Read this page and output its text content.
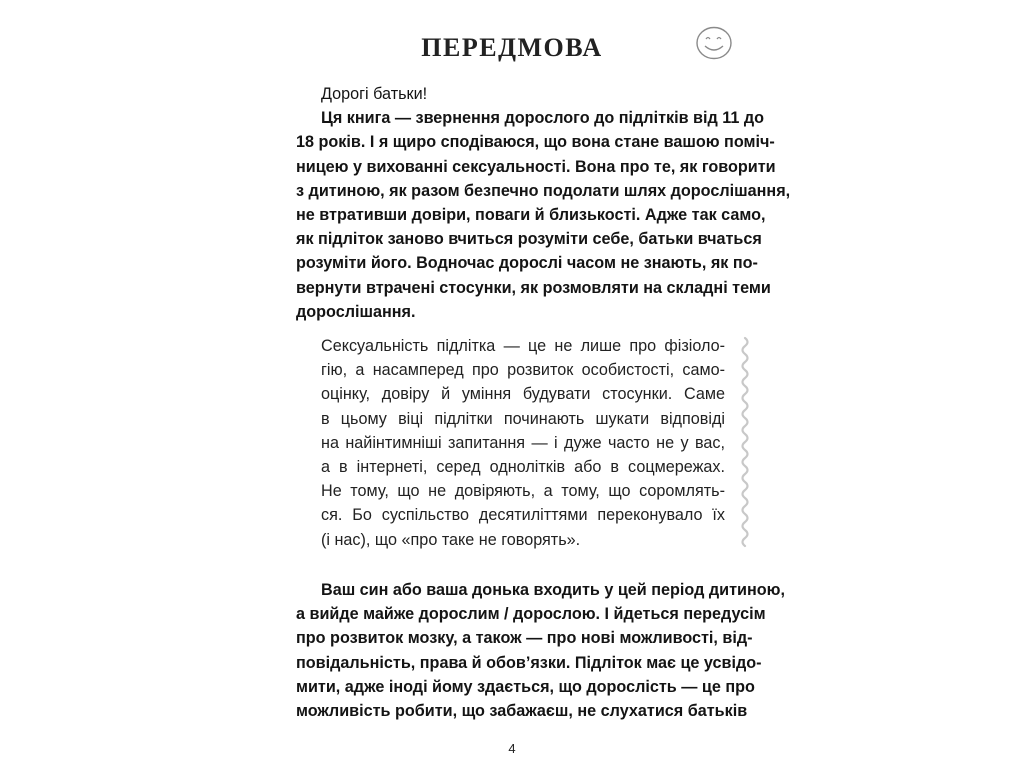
ПЕРЕДМОВА
Дорогі батьки!
Ця книга — звернення дорослого до підлітків від 11 до
18 років. І я щиро сподіваюся, що вона стане вашою поміч-
ницею у вихованні сексуальності. Вона про те, як говорити
з дитиною, як разом безпечно подолати шлях дорослішання,
не втративши довіри, поваги й близькості. Адже так само,
як підліток заново вчиться розуміти себе, батьки вчаться
розуміти його. Водночас дорослі часом не знають, як по-
вернути втрачені стосунки, як розмовляти на складні теми
дорослішання.
Сексуальність підлітка — це не лише про фізіоло-
гію, а насамперед про розвиток особистості, само-
оцінку, довіру й уміння будувати стосунки. Саме
в цьому віці підлітки починають шукати відповіді
на найінтимніші запитання — і дуже часто не у вас,
а в інтернеті, серед однолітків або в соцмережах.
Не тому, що не довіряють, а тому, що соромлять-
ся. Бо суспільство десятиліттями переконувало їх
(і нас), що «про таке не говорять».
Ваш син або ваша донька входить у цей період дитиною,
а вийде майже дорослим / дорослою. І йдеться передусім
про розвиток мозку, а також — про нові можливості, від-
повідальність, права й обов’язки. Підліток має це усвідо-
мити, адже іноді йому здається, що дорослість — це про
можливість робити, що забажаєш, не слухатися батьків
4
